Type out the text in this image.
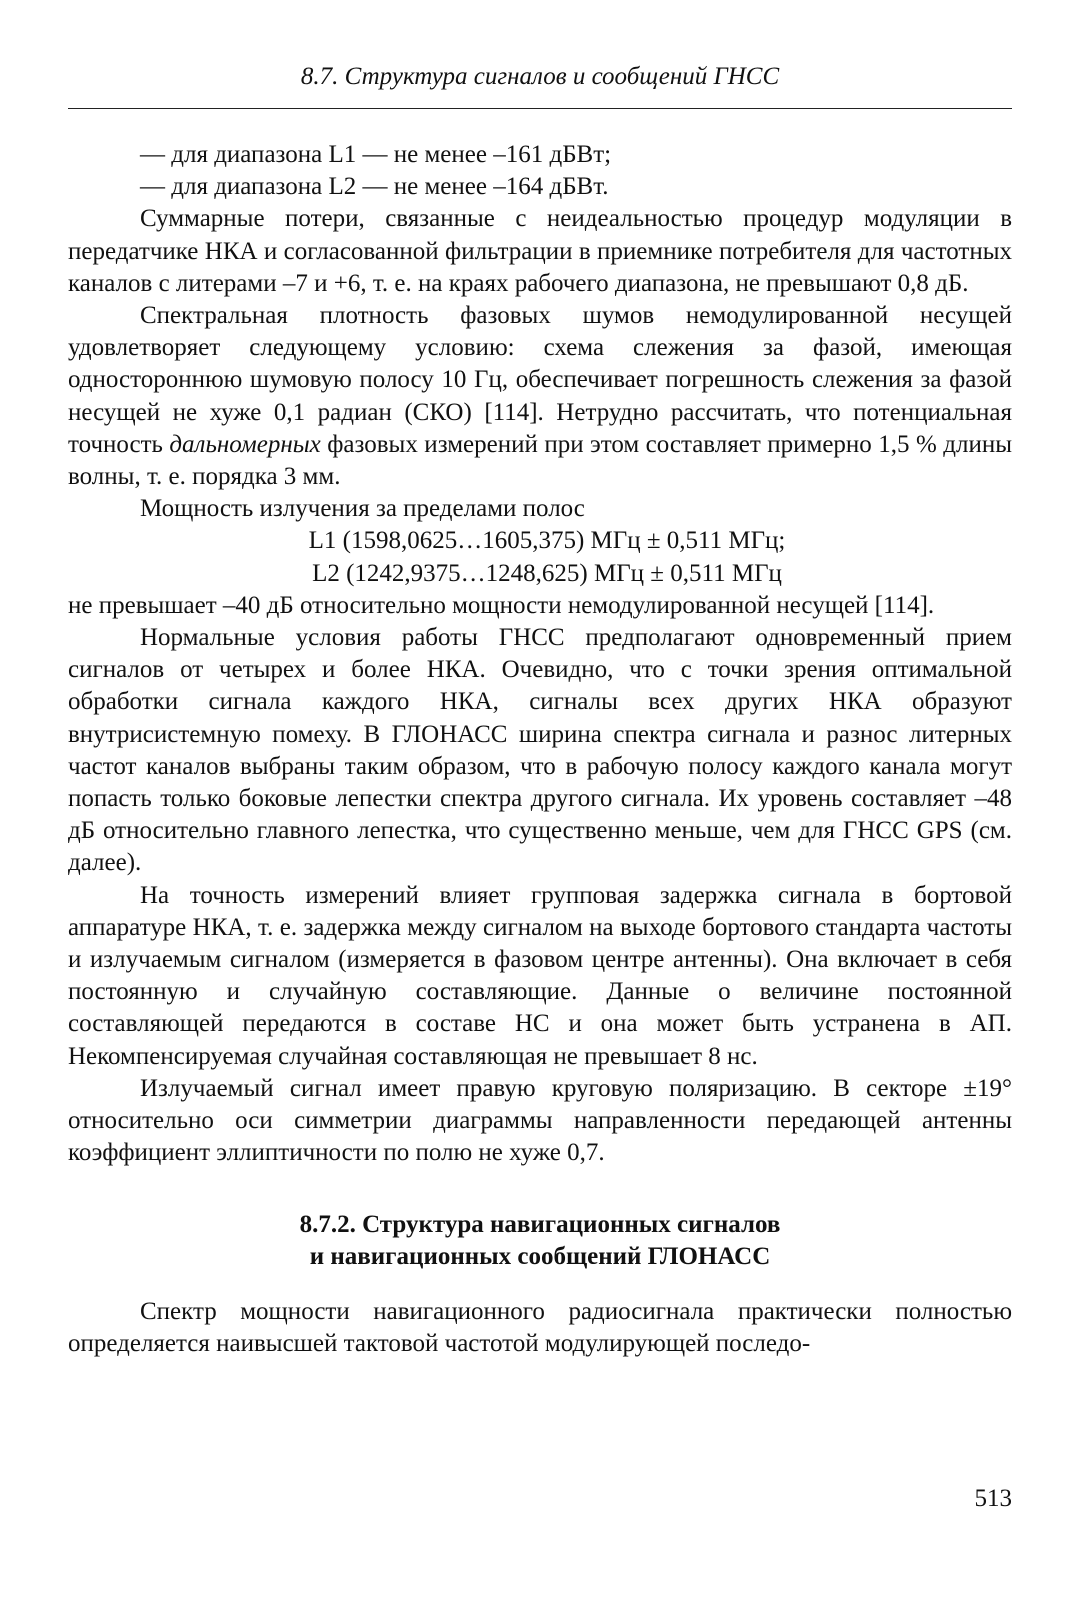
8.7. Структура сигналов и сообщений ГНСС

— для диапазона L1 — не менее –161 дБВт;

— для диапазона L2 — не менее –164 дБВт.

Суммарные потери, связанные с неидеальностью процедур модуляции в передатчике НКА и согласованной фильтрации в приемнике потребителя для частотных каналов с литерами –7 и +6, т. е. на краях рабочего диапазона, не превышают 0,8 дБ.

Спектральная плотность фазовых шумов немодулированной несущей удовлетворяет следующему условию: схема слежения за фазой, имеющая одностороннюю шумовую полосу 10 Гц, обеспечивает погрешность слежения за фазой несущей не хуже 0,1 радиан (СКО) [114]. Нетрудно рассчитать, что потенциальная точность дальномерных фазовых измерений при этом составляет примерно 1,5 % длины волны, т. е. порядка 3 мм.

Мощность излучения за пределами полос

L1 (1598,0625…1605,375) МГц ± 0,511 МГц;

L2 (1242,9375…1248,625) МГц ± 0,511 МГц

не превышает –40 дБ относительно мощности немодулированной несущей [114].

Нормальные условия работы ГНСС предполагают одновременный прием сигналов от четырех и более НКА. Очевидно, что с точки зрения оптимальной обработки сигнала каждого НКА, сигналы всех других НКА образуют внутрисистемную помеху. В ГЛОНАСС ширина спектра сигнала и разнос литерных частот каналов выбраны таким образом, что в рабочую полосу каждого канала могут попасть только боковые лепестки спектра другого сигнала. Их уровень составляет –48 дБ относительно главного лепестка, что существенно меньше, чем для ГНСС GPS (см. далее).

На точность измерений влияет групповая задержка сигнала в бортовой аппаратуре НКА, т. е. задержка между сигналом на выходе бортового стандарта частоты и излучаемым сигналом (измеряется в фазовом центре антенны). Она включает в себя постоянную и случайную составляющие. Данные о величине постоянной составляющей передаются в составе НС и она может быть устранена в АП. Некомпенсируемая случайная составляющая не превышает 8 нс.

Излучаемый сигнал имеет правую круговую поляризацию. В секторе ±19° относительно оси симметрии диаграммы направленности передающей антенны коэффициент эллиптичности по полю не хуже 0,7.

8.7.2. Структура навигационных сигналов

и навигационных сообщений ГЛОНАСС

Спектр мощности навигационного радиосигнала практически полностью определяется наивысшей тактовой частотой модулирующей последо-

513
